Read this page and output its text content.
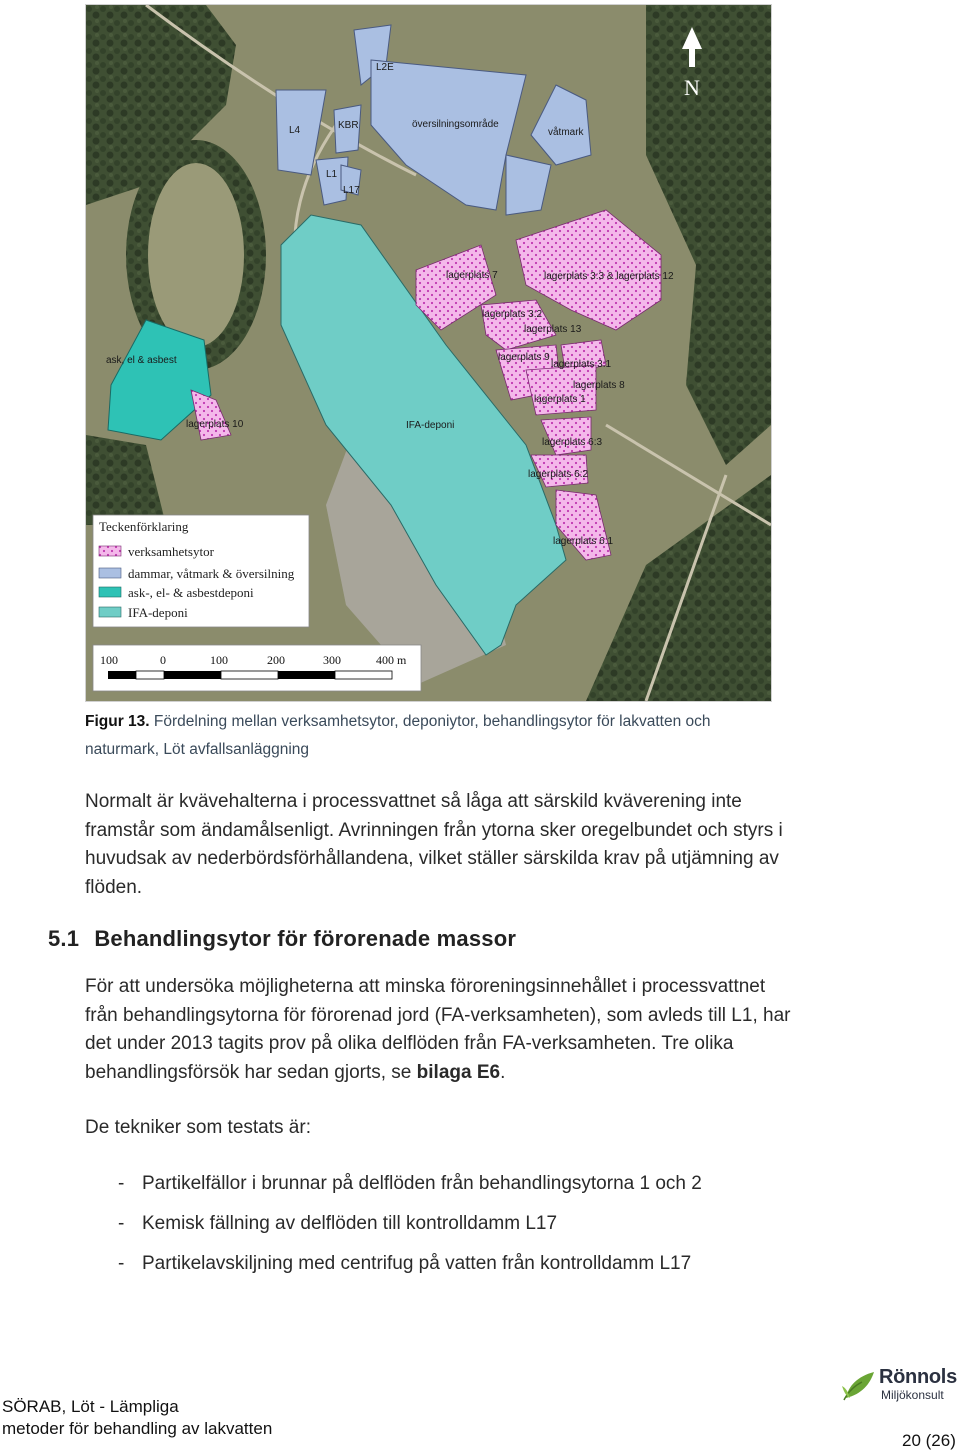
N
L2E
L4	KBR	översilningsområde
våtmark
L1
L17
lagerplats 7	lagerplats 3:3 & lagerplats 12
lagerplats 3:2
lagerplats 13
lagerplats 9
lagerplats 3:1
lagerplats 8
lagerplats 1
ask, el & asbest
lagerplats 10	IFA-deponi
lagerplats 6:3
lagerplats 6:2
lagerplats 6:1
Teckenförklaring
verksamhetsytor
dammar, våtmark & översilning
ask-, el- & asbestdeponi
IFA-deponi
100	0	100	200	300	400 m
Figur 13. Fördelning mellan verksamhetsytor, deponiytor, behandlingsytor för lakvatten och
naturmark, Löt avfallsanläggning
Normalt är kvävehalterna i processvattnet så låga att särskild kväverening inte
framstår som ändamålsenligt. Avrinningen från ytorna sker oregelbundet och styrs i
huvudsak av nederbördsförhållandena, vilket ställer särskilda krav på utjämning av
flöden.
5.1 Behandlingsytor för förorenade massor
För att undersöka möjligheterna att minska föroreningsinnehållet i processvattnet
från behandlingsytorna för förorenad jord (FA-verksamheten), som avleds till L1, har
det under 2013 tagits prov på olika delflöden från FA-verksamheten. Tre olika
behandlingsförsök har sedan gjorts, se bilaga E6.
De tekniker som testats är:
- Partikelfällor i brunnar på delflöden från behandlingsytorna 1 och 2
- Kemisk fällning av delflöden till kontrolldamm L17
- Partikelavskiljning med centrifug på vatten från kontrolldamm L17
SÖRAB, Löt - Lämpliga
metoder för behandling av lakvatten
Rönnols
Miljökonsult
20 (26)
